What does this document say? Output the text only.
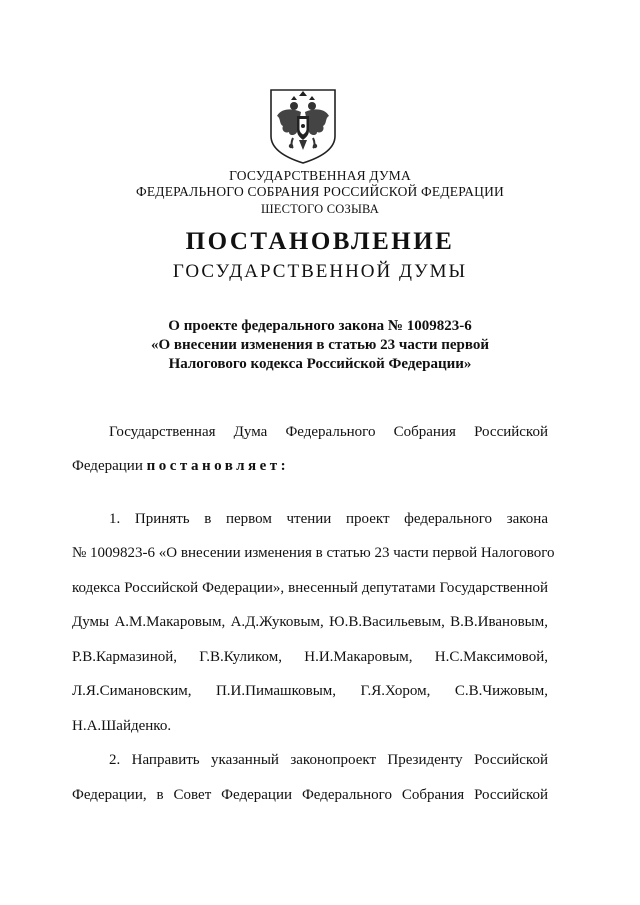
ГОСУДАРСТВЕННАЯ ДУМА
ФЕДЕРАЛЬНОГО СОБРАНИЯ РОССИЙСКОЙ ФЕДЕРАЦИИ
ШЕСТОГО СОЗЫВА
ПОСТАНОВЛЕНИЕ
ГОСУДАРСТВЕННОЙ ДУМЫ
О проекте федерального закона № 1009823-6
«О внесении изменения в статью 23 части первой
Налогового кодекса Российской Федерации»
Государственная Дума Федерального Собрания Российской
Федерации постановляет:
1. Принять в первом чтении проект федерального закона
№ 1009823-6 «О внесении изменения в статью 23 части первой Налогового
кодекса Российской Федерации», внесенный депутатами Государственной
Думы А.М.Макаровым, А.Д.Жуковым, Ю.В.Васильевым, В.В.Ивановым,
Р.В.Кармазиной, Г.В.Куликом, Н.И.Макаровым, Н.С.Максимовой,
Л.Я.Симановским, П.И.Пимашковым, Г.Я.Хором, С.В.Чижовым,
Н.А.Шайденко.
2. Направить указанный законопроект Президенту Российской
Федерации, в Совет Федерации Федерального Собрания Российской
